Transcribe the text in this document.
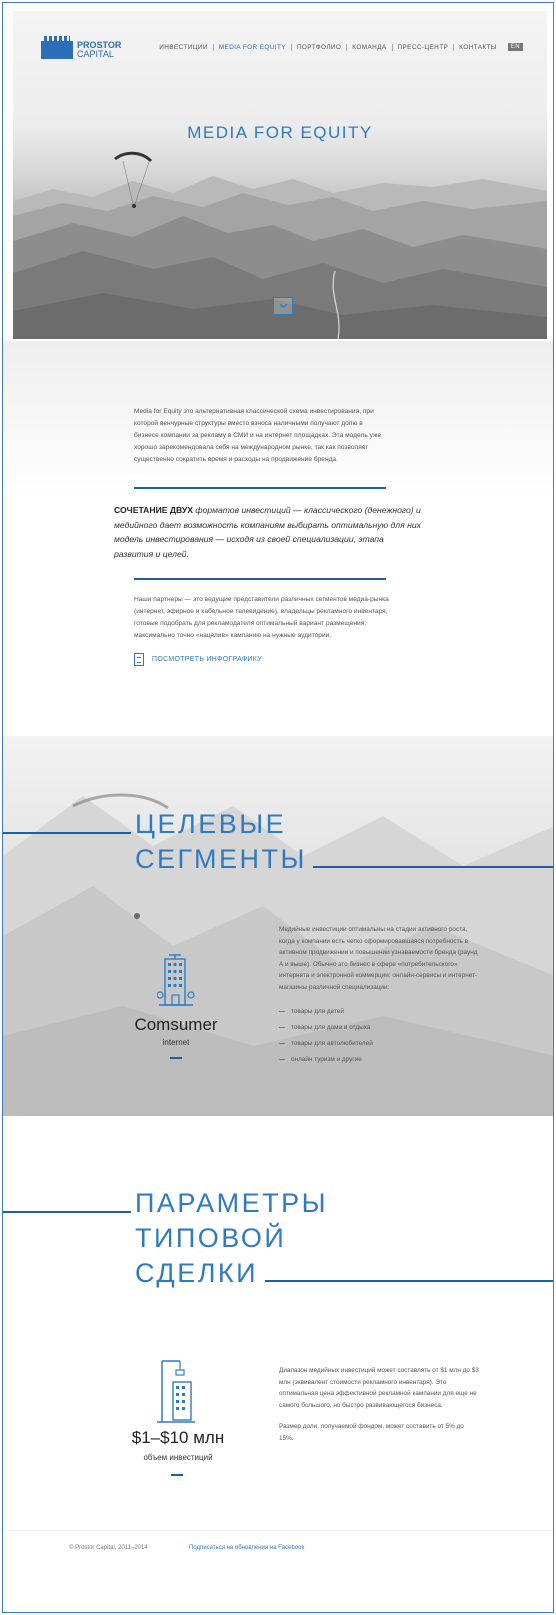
PROSTOR
CAPITAL
ИНВЕСТИЦИИ	MEDIA FOR EQUITY	ПОРТФОЛИО	КОМАНДА	ПРЕСС-ЦЕНТР	КОНТАКТЫ	EN
MEDIA FOR EQUITY

Media for Equity это альтернативная классической схема инвестирования, при которой венчурные структуры вместо взноса наличными получают долю в бизнесе компании за рекламу в СМИ и на интернет площадках. Эта модель уже хорошо зарекомендовала себя на международном рынке, так как позволяет существенно сократить время и расходы на продвижение бренда.

СОЧЕТАНИЕ ДВУХ форматов инвестиций — классического (денежного) и медийного дает возможность компаниям выбирать оптимальную для них модель инвестирования — исходя из своей специализации, этапа развития и целей.

Наши партнеры — это ведущие представители различных сегментов медиа-рынка (интернет, эфирное и кабельное телевидение), владельцы рекламного инвентаря, готовые подобрать для рекламодателя оптимальный вариант размещения, максимально точно «нацелив» кампанию на нужные аудитории.

ПОСМОТРЕТЬ ИНФОГРАФИКУ
ЦЕЛЕВЫЕ
СЕГМЕНТЫ
Comsumer
internet

Медийные инвестиции оптимальны на стадии активного роста, когда у компании есть четко сформировавшаяся потребность в активном продвижении и повышении узнаваемости бренда (раунд А и выше). Обычно это бизнес в сфере «потребительского» интернета и электронной коммерции: онлайн-сервисы и интернет-магазины различной специализации:

товары для детей
товары для дома и отдыха
товары для автолюбителей
онлайн туризм и другие
ПАРАМЕТРЫ
ТИПОВОЙ
СДЕЛКИ
$1–$10 млн
объем инвестиций

Диапазон медийных инвестиций может составлять от $1 млн до $3 млн (эквивалент стоимости рекламного инвентаря). Это оптимальная цена эффективной рекламной кампании для еще не самого большого, но быстро развивающегося бизнеса.

Размер доли, получаемой фондом, может составить от 5% до 15%.

© Prostor Capital, 2011–2014	Подписаться на обновления на Facebook
